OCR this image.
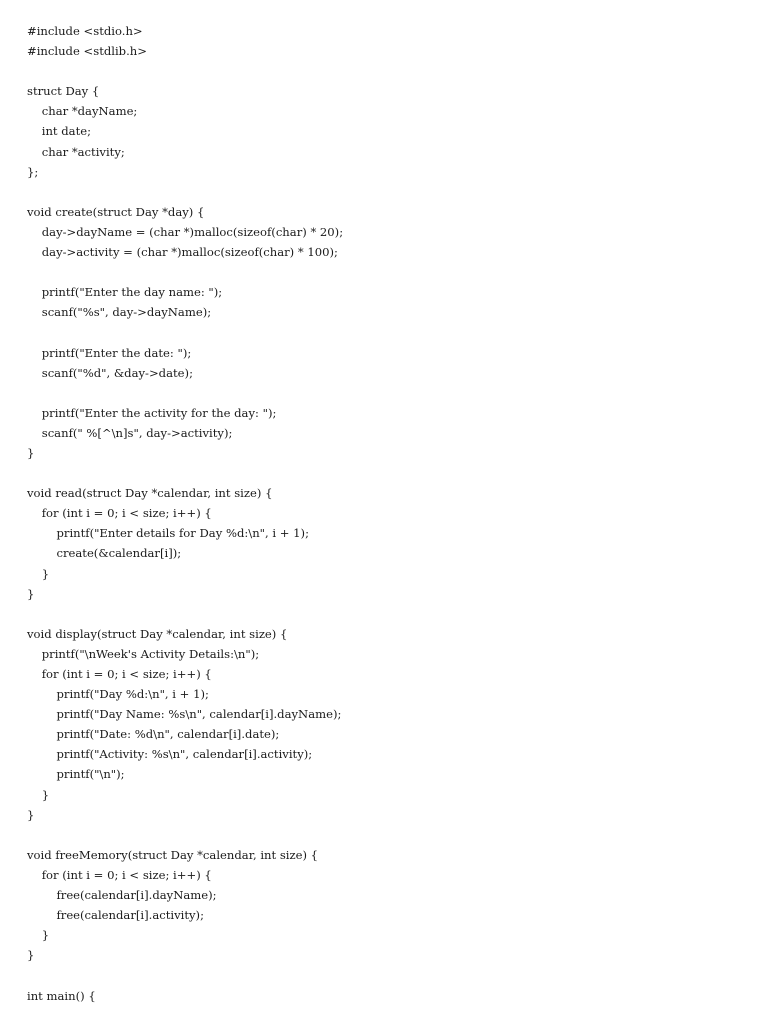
#include <stdio.h>
#include <stdlib.h>
struct Day {
char *dayName;
int date;
char *activity;
};
void create(struct Day *day) {
day->dayName = (char *)malloc(sizeof(char) * 20);
day->activity = (char *)malloc(sizeof(char) * 100);
printf("Enter the day name: ");
scanf("%s", day->dayName);
printf("Enter the date: ");
scanf("%d", &day->date);
printf("Enter the activity for the day: ");
scanf(" %[^\n]s", day->activity);
}
void read(struct Day *calendar, int size) {
for (int i = 0; i < size; i++) {
printf("Enter details for Day %d:\n", i + 1);
create(&calendar[i]);
}
}
void display(struct Day *calendar, int size) {
printf("\nWeek's Activity Details:\n");
for (int i = 0; i < size; i++) {
printf("Day %d:\n", i + 1);
printf("Day Name: %s\n", calendar[i].dayName);
printf("Date: %d\n", calendar[i].date);
printf("Activity: %s\n", calendar[i].activity);
printf("\n");
}
}
void freeMemory(struct Day *calendar, int size) {
for (int i = 0; i < size; i++) {
free(calendar[i].dayName);
free(calendar[i].activity);
}
}
int main() {
